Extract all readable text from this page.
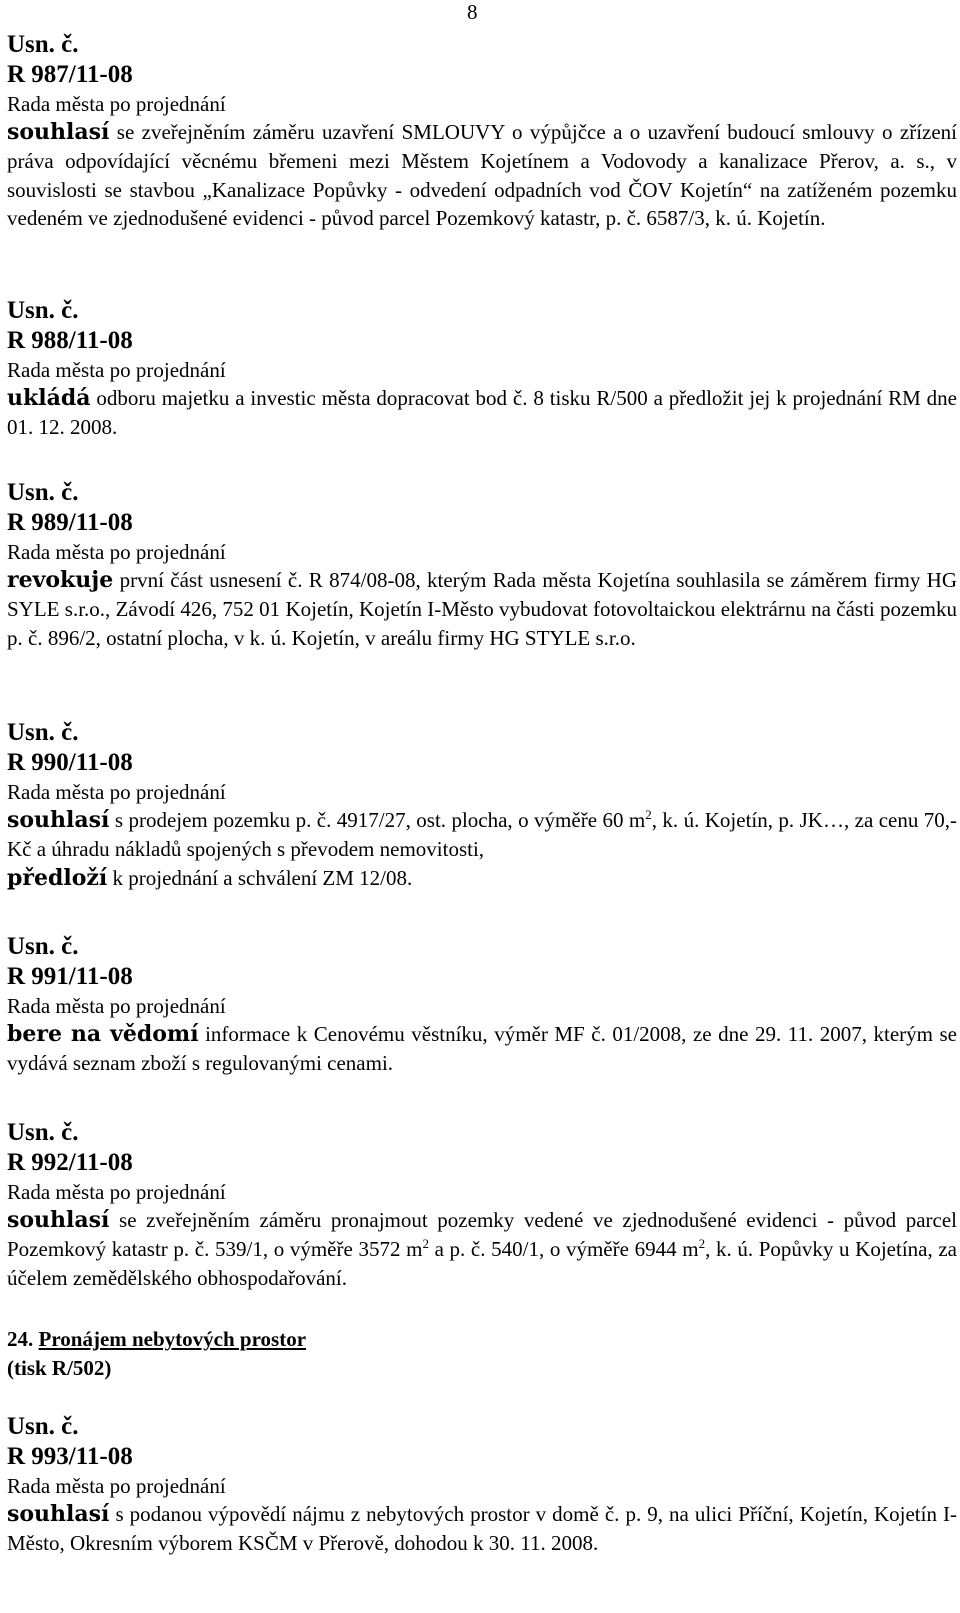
8
Usn. č.
R 987/11-08
Rada města po projednání
souhlasí se zveřejněním záměru uzavření SMLOUVY o výpůjčce a o uzavření budoucí smlouvy o zřízení práva odpovídající věcnému břemeni mezi Městem Kojetínem a Vodovody a kanalizace Přerov, a. s., v souvislosti se stavbou „Kanalizace Popůvky - odvedení odpadních vod ČOV Kojetín“ na zatíženém pozemku vedeném ve zjednodušené evidenci - původ parcel Pozemkový katastr, p. č. 6587/3, k. ú. Kojetín.
Usn. č.
R 988/11-08
Rada města po projednání
ukládá odboru majetku a investic města dopracovat bod č. 8 tisku R/500 a předložit jej k projednání RM dne 01. 12. 2008.
Usn. č.
R 989/11-08
Rada města po projednání
revokuje první část usnesení č. R 874/08-08, kterým Rada města Kojetína souhlasila se záměrem firmy HG SYLE s.r.o., Závodí 426, 752 01 Kojetín, Kojetín I-Město vybudovat fotovoltaickou elektrárnu na části pozemku p. č. 896/2, ostatní plocha, v k. ú. Kojetín, v areálu firmy HG STYLE s.r.o.
Usn. č.
R 990/11-08
Rada města po projednání
souhlasí s prodejem pozemku p. č. 4917/27, ost. plocha, o výměře 60 $m^2$, k. ú. Kojetín, p. JK…, za cenu 70,- Kč a úhradu nákladů spojených s převodem nemovitosti,
předloží k projednání a schválení ZM 12/08.
Usn. č.
R 991/11-08
Rada města po projednání
bere na vědomí informace k Cenovému věstníku, výměr MF č. 01/2008, ze dne 29. 11. 2007, kterým se vydává seznam zboží s regulovanými cenami.
Usn. č.
R 992/11-08
Rada města po projednání
souhlasí se zveřejněním záměru pronajmout pozemky vedené ve zjednodušené evidenci - původ parcel Pozemkový katastr p. č. 539/1, o výměře 3572 $m^2$ a p. č. 540/1, o výměře 6944 $m^2$, k. ú. Popůvky u Kojetína, za účelem zemědělského obhospodařování.
24. Pronájem nebytových prostor
(tisk R/502)
Usn. č.
R 993/11-08
Rada města po projednání
souhlasí s podanou výpovědí nájmu z nebytových prostor v domě č. p. 9, na ulici Příční, Kojetín, Kojetín I-Město, Okresním výborem KSČM v Přerově, dohodou k 30. 11. 2008.
